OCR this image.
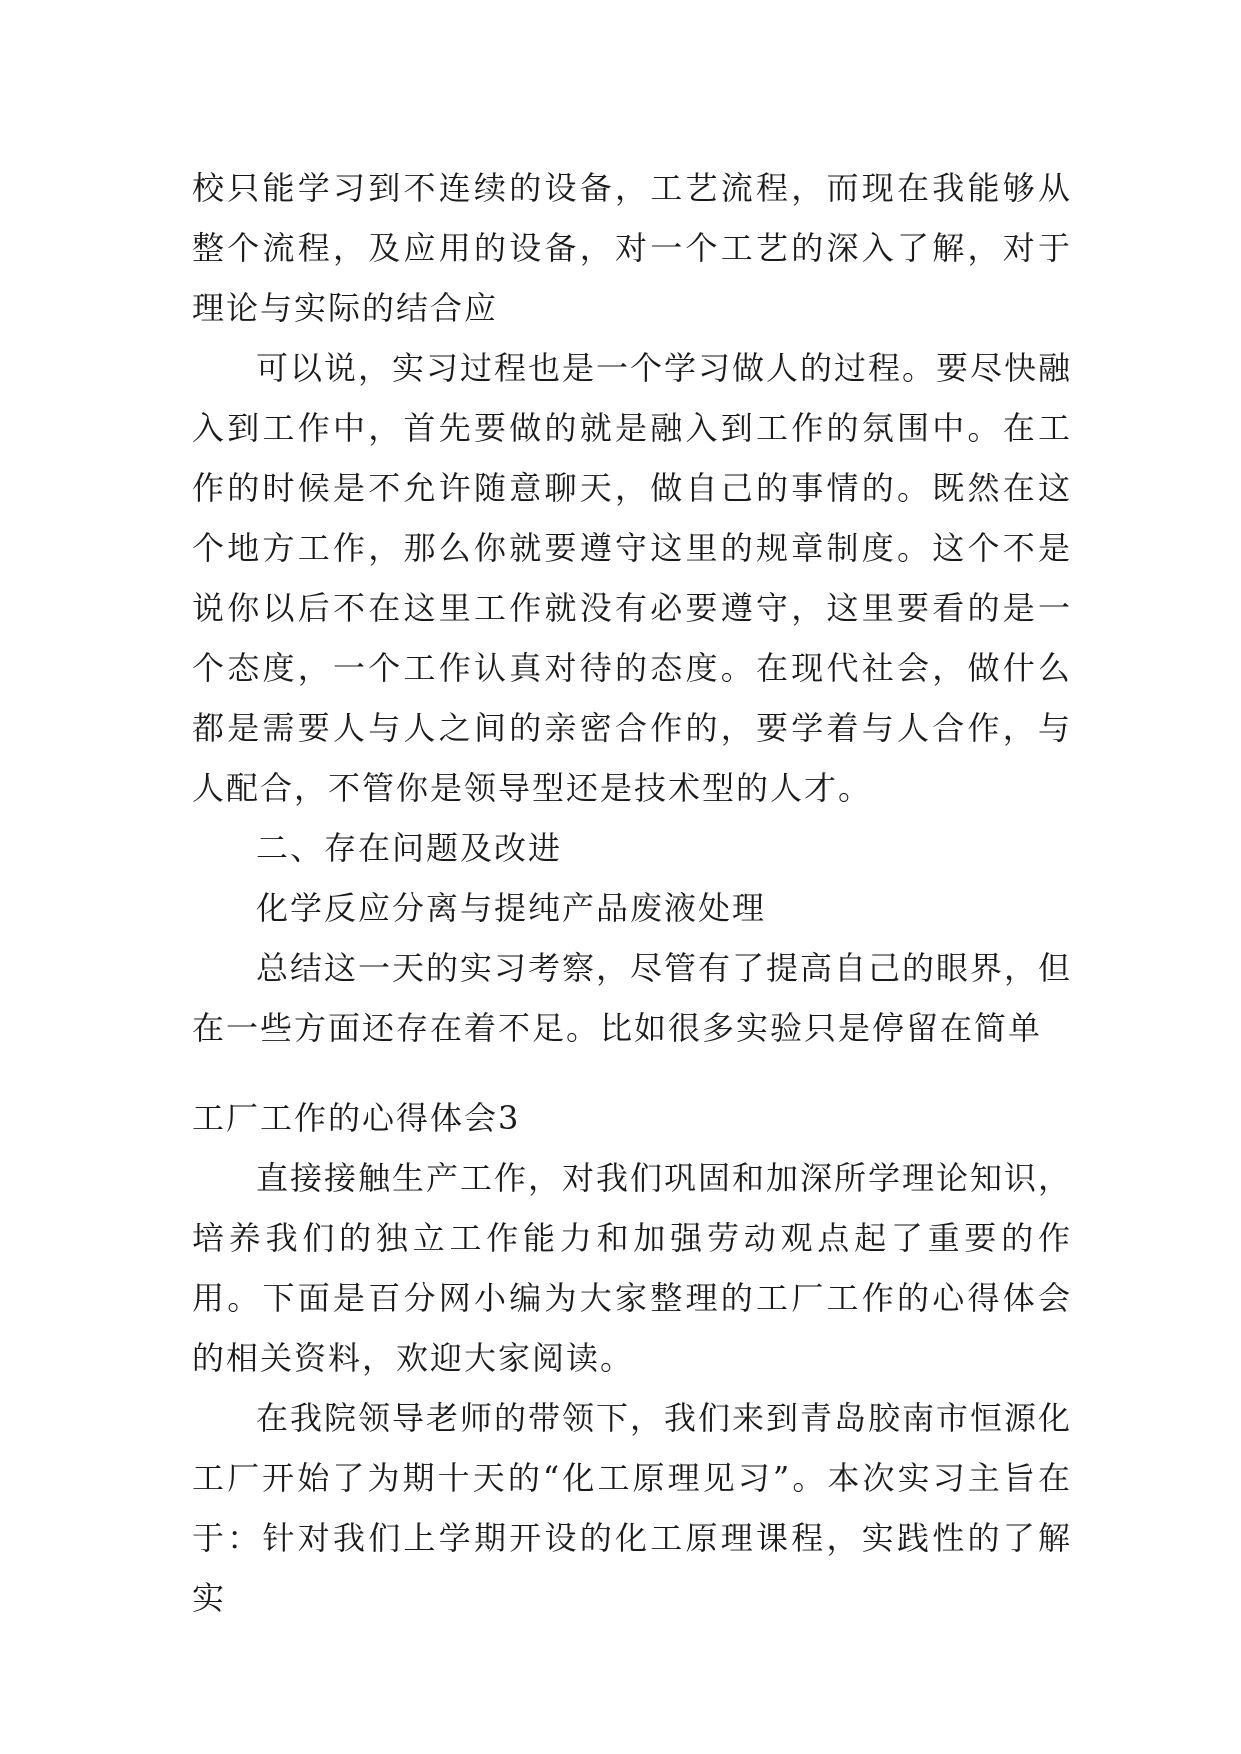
校只能学习到不连续的设备，工艺流程，而现在我能够从整个流程，及应用的设备，对一个工艺的深入了解，对于理论与实际的结合应

可以说，实习过程也是一个学习做人的过程。要尽快融入到工作中，首先要做的就是融入到工作的氛围中。在工作的时候是不允许随意聊天，做自己的事情的。既然在这个地方工作，那么你就要遵守这里的规章制度。这个不是说你以后不在这里工作就没有必要遵守，这里要看的是一个态度，一个工作认真对待的态度。在现代社会，做什么都是需要人与人之间的亲密合作的，要学着与人合作，与人配合，不管你是领导型还是技术型的人才。

二、存在问题及改进

化学反应分离与提纯产品废液处理

总结这一天的实习考察，尽管有了提高自己的眼界，但在一些方面还存在着不足。比如很多实验只是停留在简单

工厂工作的心得体会3

直接接触生产工作，对我们巩固和加深所学理论知识，培养我们的独立工作能力和加强劳动观点起了重要的作用。下面是百分网小编为大家整理的工厂工作的心得体会的相关资料，欢迎大家阅读。

在我院领导老师的带领下，我们来到青岛胶南市恒源化工厂开始了为期十天的“化工原理见习”。本次实习主旨在于：针对我们上学期开设的化工原理课程，实践性的了解实
